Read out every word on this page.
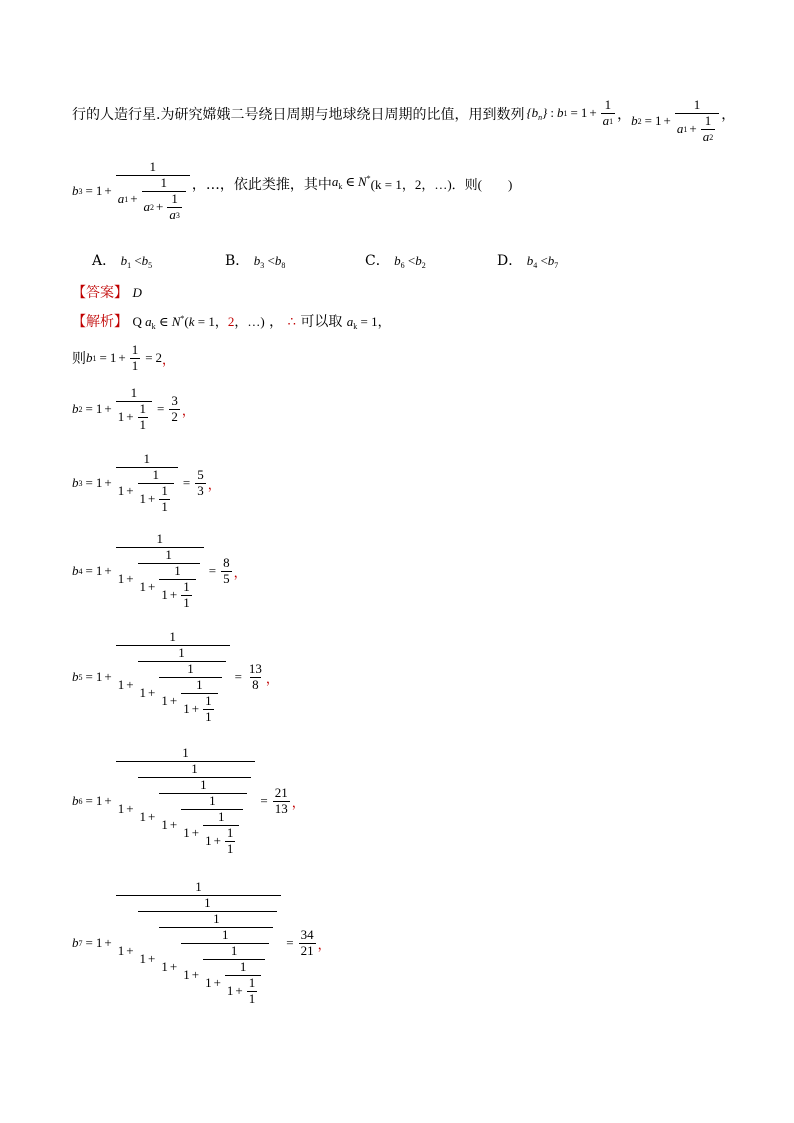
行的人造行星.为研究嫦娥二号绕日周期与地球绕日周期的比值，用到数列 $\{b_n\}$ : b $1 = 1 + \frac{1}{a 1}$ ， b $2 = 1 + \frac{1}{a 1 + \frac{1}{a 2}}$ ，
b $3 = 1 + \frac{1}{a 1 + \frac{1}{a 2 + \frac{1}{a 3}}}$ ，…， 依此类推，其中 $a_k$ ∈ N* (k = 1，2，…)．则(　　)
A． $b_1 <b_5$	B． $b_3 <b_8$	C． $b_6 <b_2$	D． $b_4 <b_7$
【答案】 D
【解析】 Q $a_k$ ∈ N*(k = 1，2，…) ， ∴ 可以取 $a_k = 1$，
则 b $1 = 1 + \frac{1}{1} = 2$ ，
b $2 = 1 + \frac{1}{1 + \frac{1}{1}} = \frac{3}{2}$ ，
b $3 = 1 + \frac{1}{1 + \frac{1}{1 + \frac{1}{1}}} = \frac{5}{3}$ ，
b $4 = 1 + \frac{1}{1 + \frac{1}{1 + \frac{1}{1 + \frac{1}{1}}}} = \frac{8}{5}$ ，
b 5 = 1 +
1
1 +
1
$1 + \frac{1}{1 + \frac{1}{1 + \frac{1}{1}}} = \frac{13}{8}$ ，
b 6 = 1 +
1
1 +
1
1 +
1
$1 + \frac{1}{1 + \frac{1}{1 + \frac{1}{1}}} = \frac{21}{13}$ ，
b 7 = 1 +
1
1 +
1
1 +
1
1 +
1
$1 + \frac{1}{1 + \frac{1}{1 + \frac{1}{1}}}$
= $\frac{34}{21}$ ，
